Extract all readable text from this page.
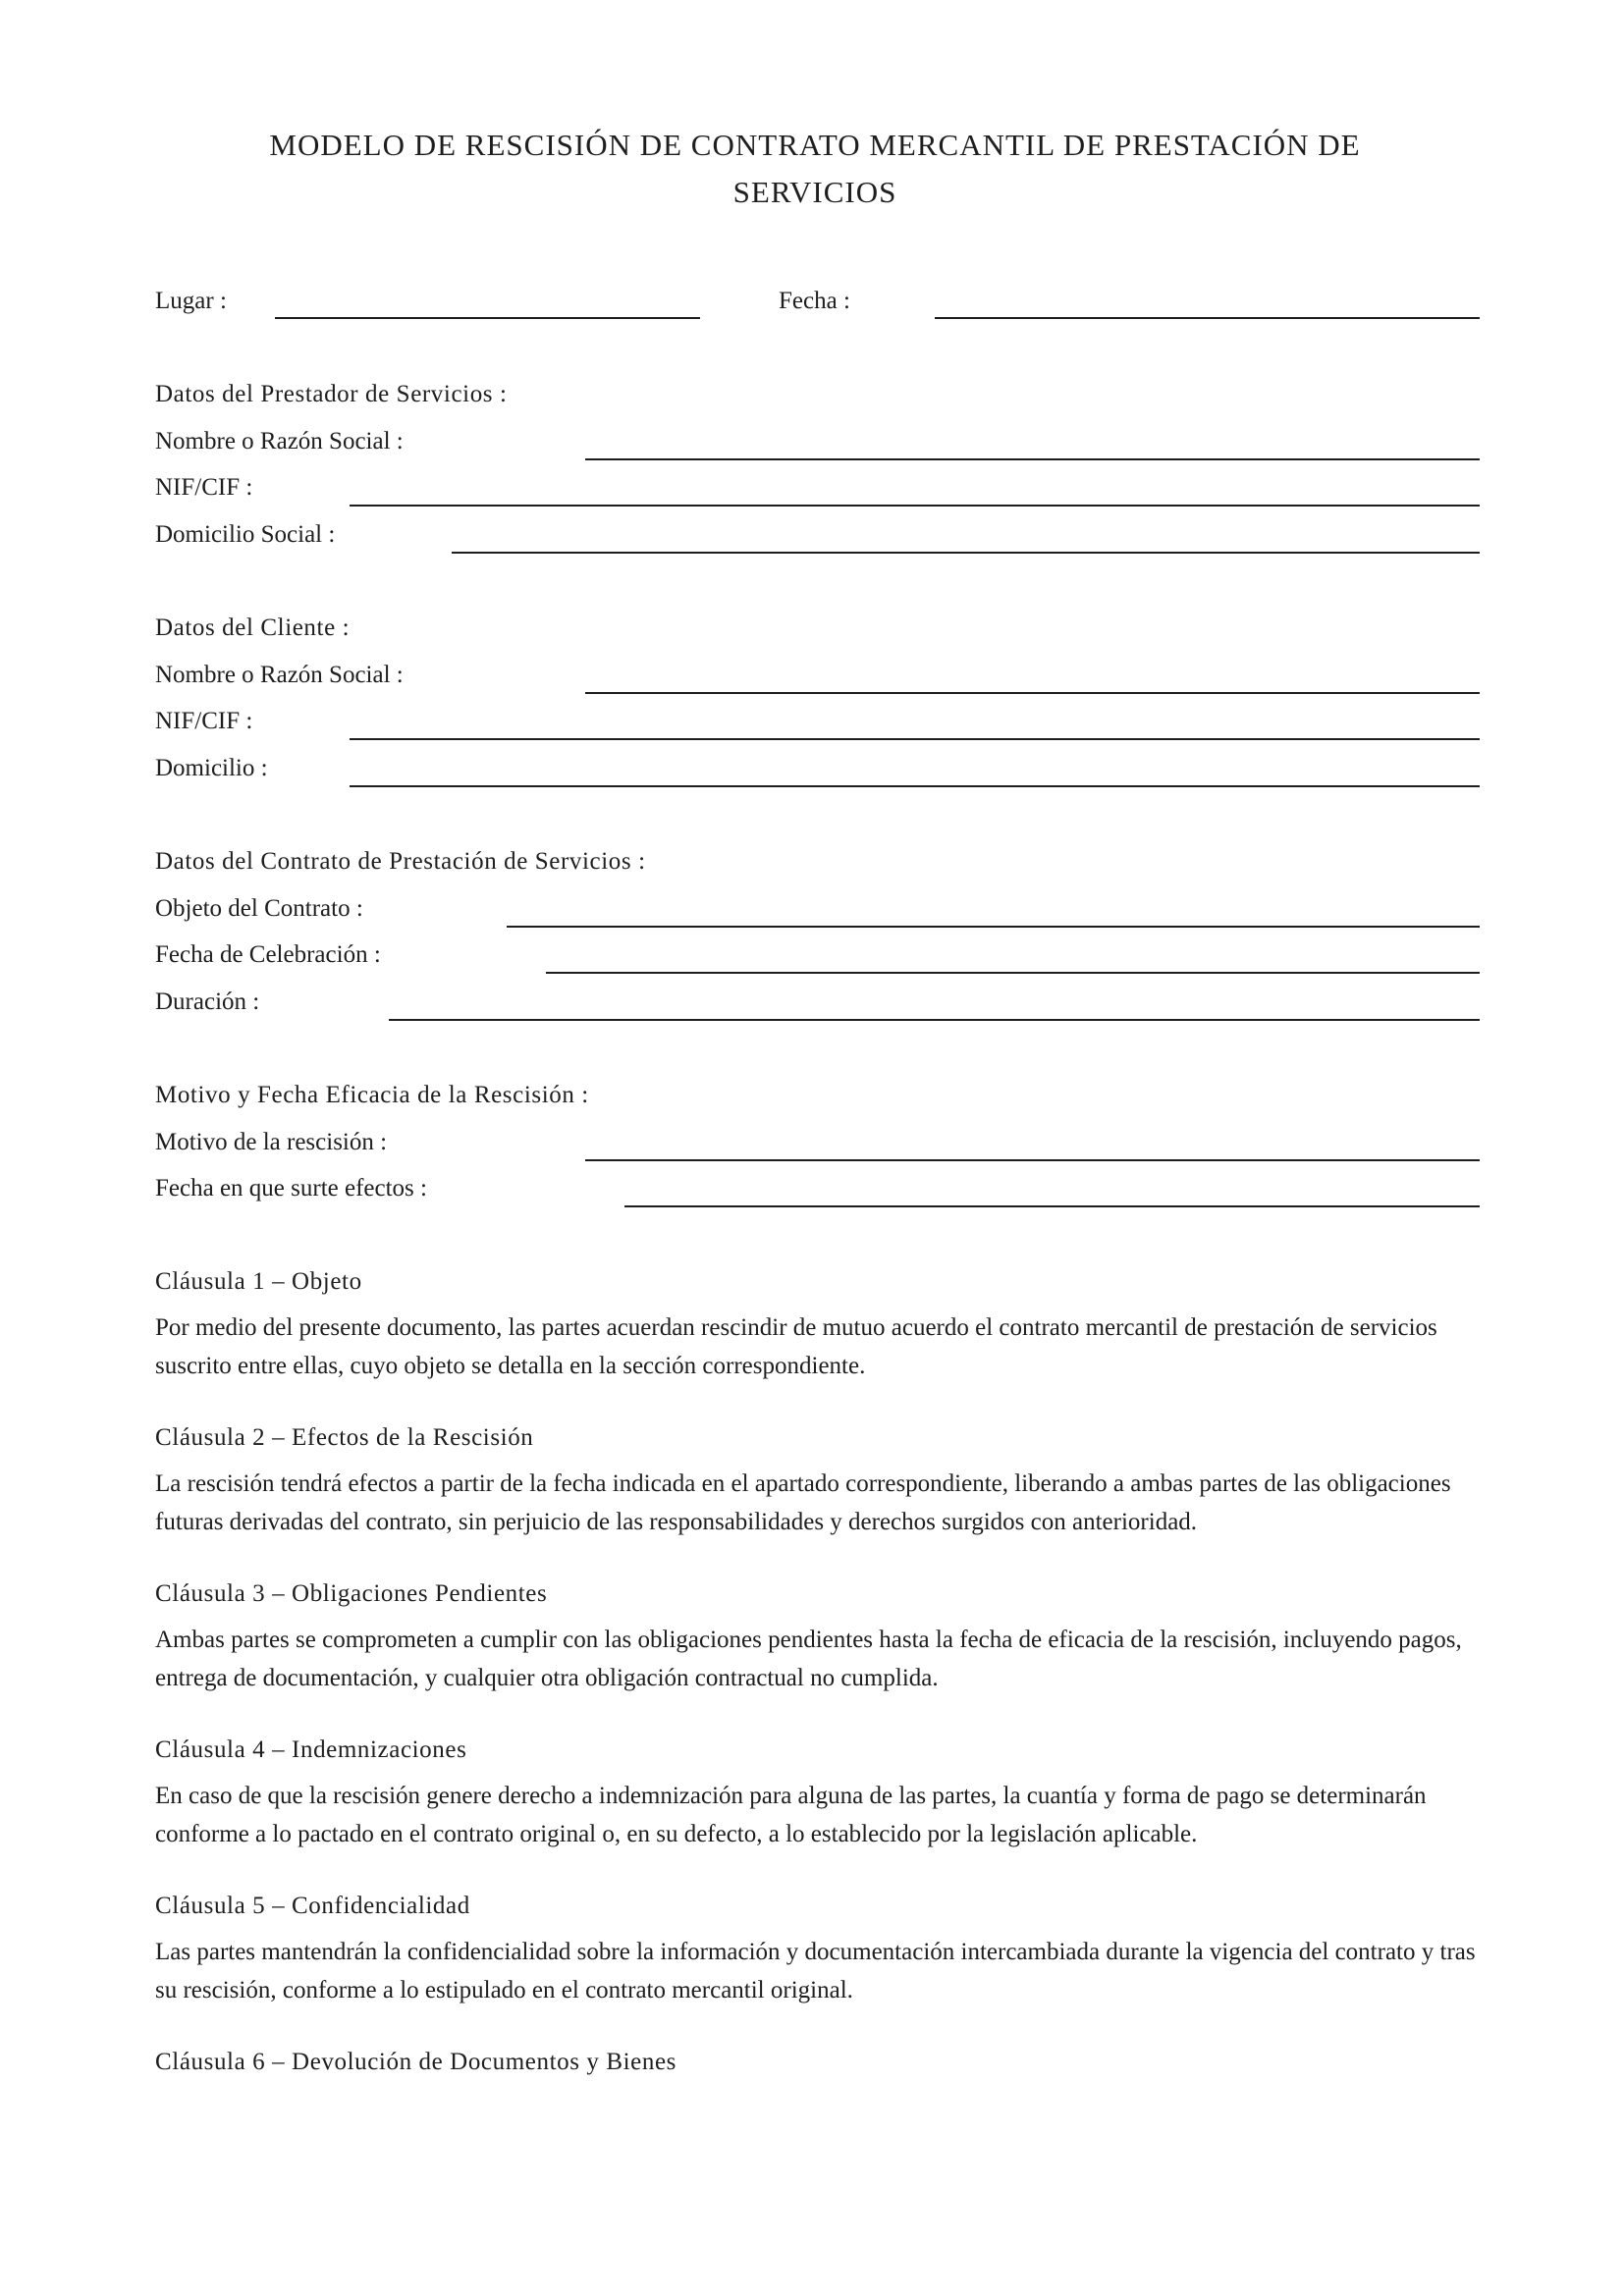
MODELO DE RESCISIÓN DE CONTRATO MERCANTIL DE PRESTACIÓN DE
SERVICIOS
Lugar :	Fecha :
Datos del Prestador de Servicios :
Nombre o Razón Social :
NIF/CIF :
Domicilio Social :
Datos del Cliente :
Nombre o Razón Social :
NIF/CIF :
Domicilio :
Datos del Contrato de Prestación de Servicios :
Objeto del Contrato :
Fecha de Celebración :
Duración :
Motivo y Fecha Eficacia de la Rescisión :
Motivo de la rescisión :
Fecha en que surte efectos :
Cláusula 1 – Objeto
Por medio del presente documento, las partes acuerdan rescindir de mutuo acuerdo el contrato mercantil de prestación de servicios suscrito entre ellas, cuyo objeto se detalla en la sección correspondiente.
Cláusula 2 – Efectos de la Rescisión
La rescisión tendrá efectos a partir de la fecha indicada en el apartado correspondiente, liberando a ambas partes de las obligaciones futuras derivadas del contrato, sin perjuicio de las responsabilidades y derechos surgidos con anterioridad.
Cláusula 3 – Obligaciones Pendientes
Ambas partes se comprometen a cumplir con las obligaciones pendientes hasta la fecha de eficacia de la rescisión, incluyendo pagos, entrega de documentación, y cualquier otra obligación contractual no cumplida.
Cláusula 4 – Indemnizaciones
En caso de que la rescisión genere derecho a indemnización para alguna de las partes, la cuantía y forma de pago se determinarán conforme a lo pactado en el contrato original o, en su defecto, a lo establecido por la legislación aplicable.
Cláusula 5 – Confidencialidad
Las partes mantendrán la confidencialidad sobre la información y documentación intercambiada durante la vigencia del contrato y tras su rescisión, conforme a lo estipulado en el contrato mercantil original.
Cláusula 6 – Devolución de Documentos y Bienes
